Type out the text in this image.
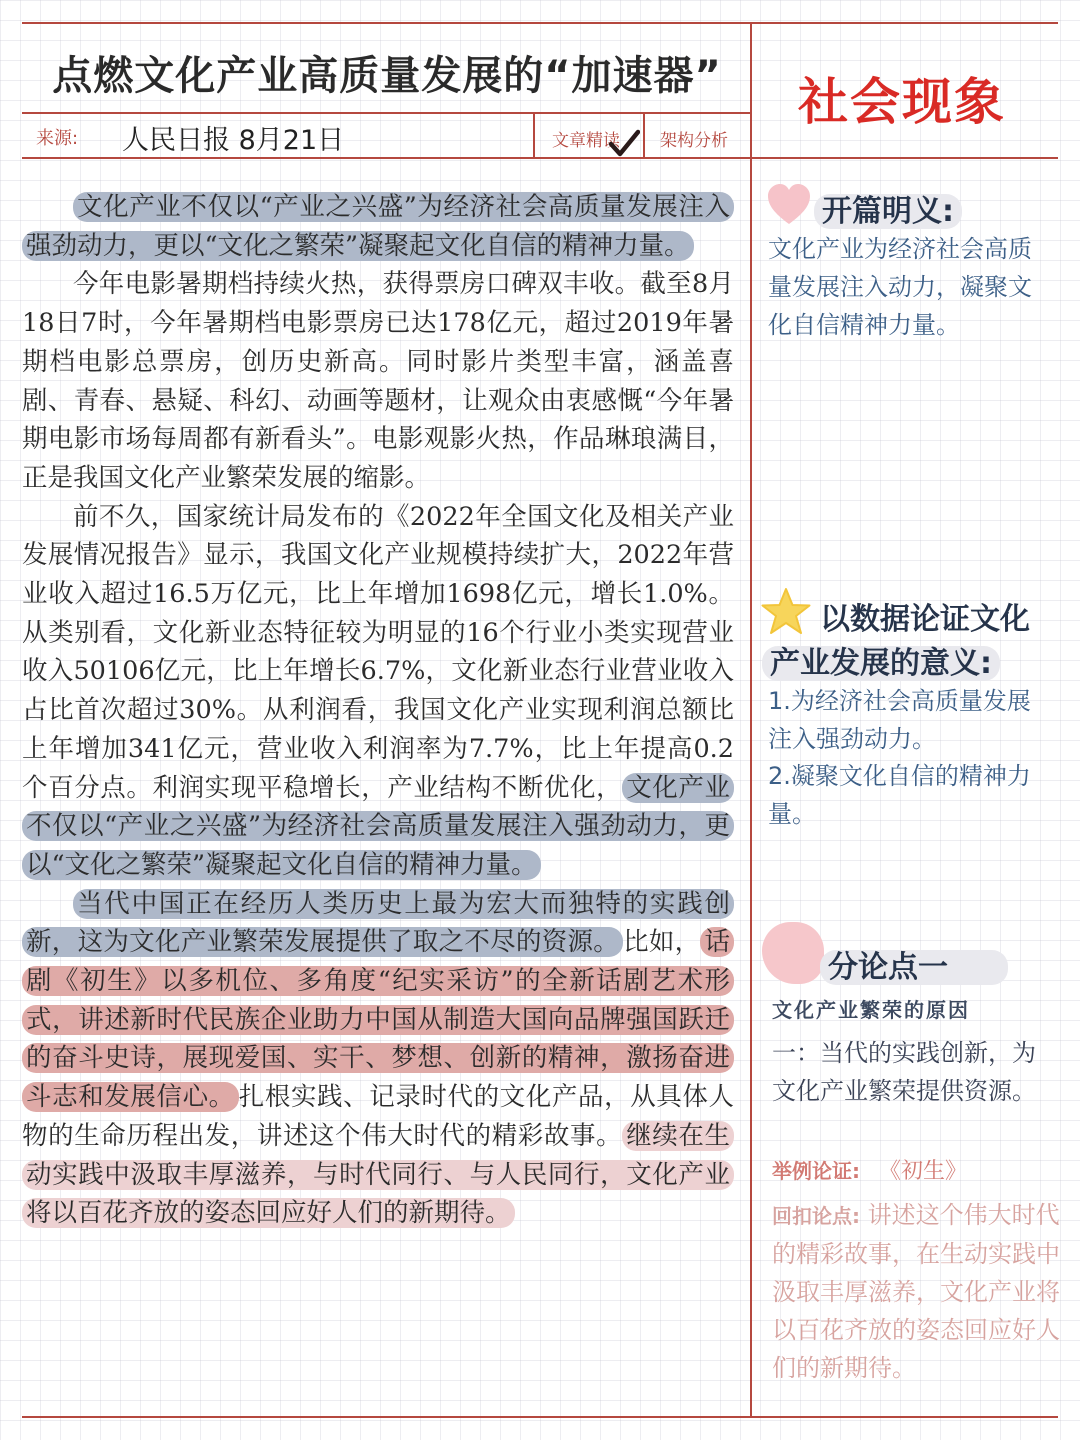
点燃文化产业高质量发展的“加速器”	社会现象
来源: 人民日报 8月21日	文章精读 架构分析

文化产业不仅以“产业之兴盛”为经济社会高质量发展注入强劲动力，更以“文化之繁荣”凝聚起文化自信的精神力量。

今年电影暑期档持续火热，获得票房口碑双丰收。截至8月18日7时，今年暑期档电影票房已达178亿元，超过2019年暑期档电影总票房，创历史新高。同时影片类型丰富，涵盖喜剧、青春、悬疑、科幻、动画等题材，让观众由衷感慨“今年暑期电影市场每周都有新看头”。电影观影火热，作品琳琅满目，正是我国文化产业繁荣发展的缩影。

前不久，国家统计局发布的《2022年全国文化及相关产业发展情况报告》显示，我国文化产业规模持续扩大，2022年营业收入超过16.5万亿元，比上年增加1698亿元，增长1.0%。从类别看，文化新业态特征较为明显的16个行业小类实现营业收入50106亿元，比上年增长6.7%，文化新业态行业营业收入占比首次超过30%。从利润看，我国文化产业实现利润总额比上年增加341亿元，营业收入利润率为7.7%，比上年提高0.2个百分点。利润实现平稳增长，产业结构不断优化， 文化产业不仅以“产业之兴盛”为经济社会高质量发展注入强劲动力，更以“文化之繁荣”凝聚起文化自信的精神力量。

当代中国正在经历人类历史上最为宏大而独特的实践创新，这为文化产业繁荣发展提供了取之不尽的资源。 比如， 话剧《初生》以多机位、多角度“纪实采访”的全新话剧艺术形式，讲述新时代民族企业助力中国从制造大国向品牌强国跃迁的奋斗史诗，展现爱国、实干、梦想、创新的精神，激扬奋进斗志和发展信心。 扎根实践、记录时代的文化产品，从具体人物的生命历程出发，讲述这个伟大时代的精彩故事。 继续在生动实践中汲取丰厚滋养，与时代同行、与人民同行，文化产业将以百花齐放的姿态回应好人们的新期待。

开篇明义:
文化产业为经济社会高质量发展注入动力，凝聚文化自信精神力量。
以数据论证文化
产业发展的意义:
1.为经济社会高质量发展注入强劲动力。
2.凝聚文化自信的精神力量。
分论点一
文化产业繁荣的原因
一：当代的实践创新，为文化产业繁荣提供资源。
举例论证: 《初生》
回扣论点: 讲述这个伟大时代的精彩故事，在生动实践中汲取丰厚滋养，文化产业将以百花齐放的姿态回应好人们的新期待。
